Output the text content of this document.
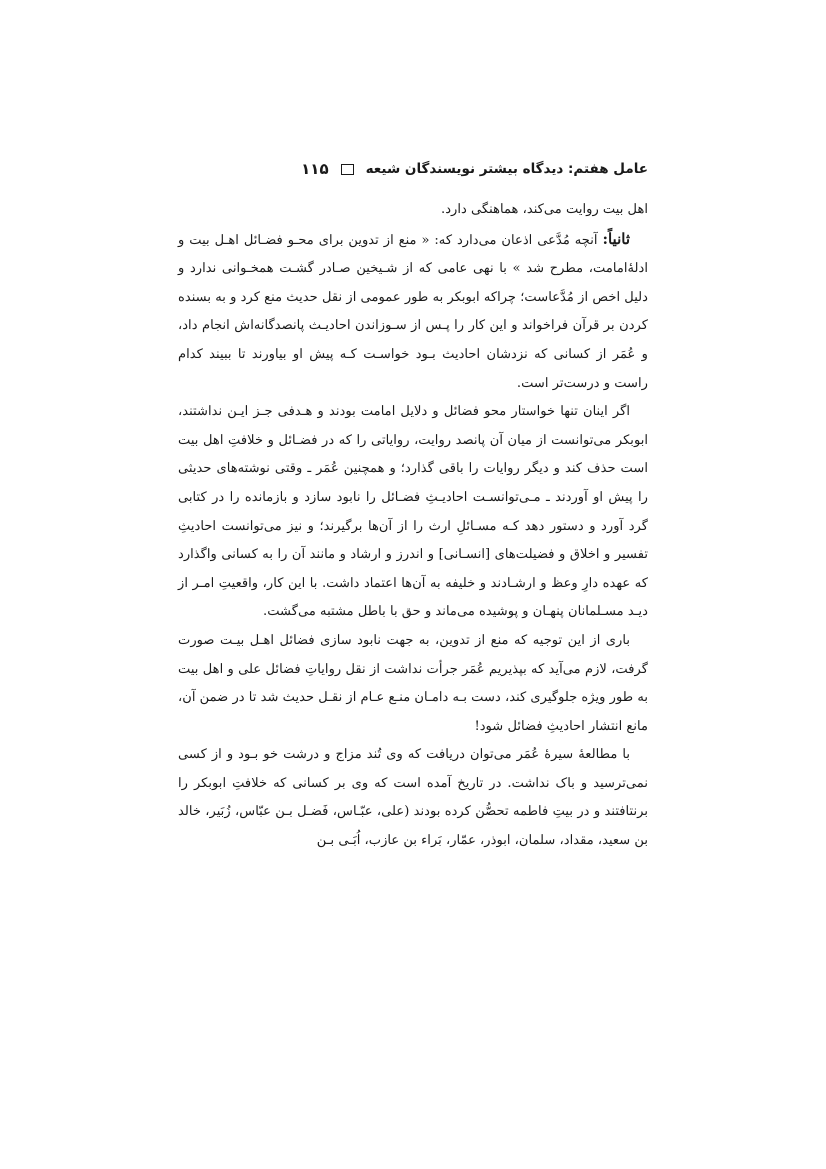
عامل هفتم: دیدگاه بیشتر نویسندگان شیعه
۱۱۵

اهل بیت روایت می‌کند، هماهنگی دارد.

ثانیاً: آنچه مُدَّعی اذعان می‌دارد که: « منع از تدوین برای محـو فضـائل اهـل بیت و ادلۀامامت، مطرح شد » با نهی عامی که از شـیخین صـادر گشـت همخـوانی ندارد و دلیل اخص از مُدَّعاست؛ چراکه ابوبکر به طور عمومی از نقل حدیث منع کرد و به بسنده کردن بر قرآن فراخواند و این کار را پـس از سـوزاندن احادیـث پانصدگانه‌اش انجام داد، و عُمَر از کسانی که نزدشان احادیث بـود خواسـت کـه پیش او بیاورند تا ببیند کدام راست و درست‌تر است.

اگر اینان تنها خواستار محو فضائل و دلایل امامت بودند و هـدفی جـز ایـن نداشتند، ابوبکر می‌توانست از میان آن پانصد روایت، روایاتی را که در فضـائل و خلافتِ اهل بیت است حذف کند و دیگر روایات را باقی گذارد؛ و همچنین عُمَر ـ وقتی نوشته‌های حدیثی را پیش او آوردند ـ مـی‌توانسـت احادیـثِ فضـائل را نابود سازد و بازمانده را در کتابی گرد آورد و دستور دهد کـه مسـائلِ ارث را از آن‌ها برگیرند؛ و نیز می‌توانست احادیثِ تفسیر و اخلاق و فضیلت‌های [انسـانی] و اندرز و ارشاد و مانند آن را به کسانی واگذارد که عهده دارِ وعظ و ارشـادند و خلیفه به آن‌ها اعتماد داشت. با این کار، واقعیتِ امـر از دیـد مسـلمانان پنهـان و پوشیده می‌ماند و حق با باطل مشتبه می‌گشت.

باری از این توجیه که منع از تدوین، به جهت نابود سازی فضائل اهـل بیـت صورت گرفت، لازم می‌آید که بپذیریم عُمَر جرأت نداشت از نقل روایاتِ فضائل علی و اهل بیت به طور ویژه جلوگیری کند، دست بـه دامـان منـع عـام از نقـل حدیث شد تا در ضمن آن، مانع انتشار احادیثِ فضائل شود!

با مطالعۀ سیرۀ عُمَر می‌توان دریافت که وی تُند مزاج و درشت خو بـود و از کسی نمی‌ترسید و باک نداشت. در تاریخ آمده است که وی بر کسانی که خلافتِ ابوبکر را برنتافتند و در بیتِ فاطمه تحصُّن کرده بودند (علی، عبّـاس، فَضـل بـن عبّاس، زُبَیر، خالد بن سعید، مقداد، سلمان، ابوذر، عمّار، بَراء بن عازب، اُبَـی بـن
